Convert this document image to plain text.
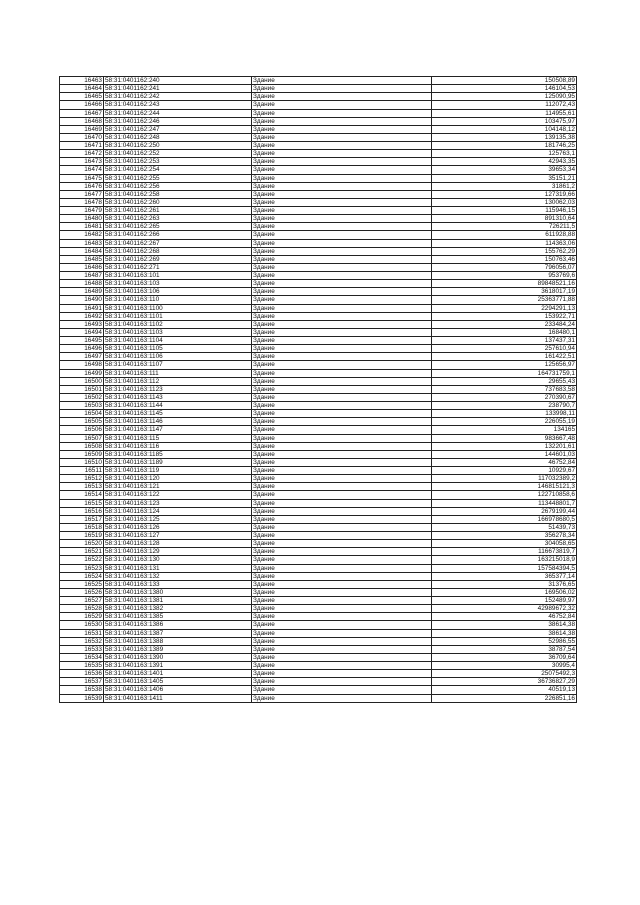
16463	58:31:0401162:240	Здание	150508,89
16464	58:31:0401162:241	Здание	146104,53
16465	58:31:0401162:242	Здание	125090,95
16466	58:31:0401162:243	Здание	112072,43
16467	58:31:0401162:244	Здание	114955,61
16468	58:31:0401162:246	Здание	103475,97
16469	58:31:0401162:247	Здание	104148,12
16470	58:31:0401162:248	Здание	139135,38
16471	58:31:0401162:250	Здание	181746,25
16472	58:31:0401162:252	Здание	125763,1
16473	58:31:0401162:253	Здание	42943,35
16474	58:31:0401162:254	Здание	39653,34
16475	58:31:0401162:255	Здание	35151,21
16476	58:31:0401162:256	Здание	31861,2
16477	58:31:0401162:258	Здание	127319,66
16478	58:31:0401162:260	Здание	130062,03
16479	58:31:0401162:261	Здание	115946,15
16480	58:31:0401162:263	Здание	891310,64
16481	58:31:0401162:265	Здание	726211,5
16482	58:31:0401162:266	Здание	611928,88
16483	58:31:0401162:267	Здание	114363,06
16484	58:31:0401162:268	Здание	155762,29
16485	58:31:0401162:269	Здание	150763,46
16486	58:31:0401162:271	Здание	796056,07
16487	58:31:0401163:101	Здание	953769,6
16488	58:31:0401163:103	Здание	89848521,16
16489	58:31:0401163:106	Здание	3618017,19
16490	58:31:0401163:110	Здание	25363771,88
16491	58:31:0401163:1100	Здание	2294291,13
16492	58:31:0401163:1101	Здание	153922,71
16493	58:31:0401163:1102	Здание	233484,24
16494	58:31:0401163:1103	Здание	168480,1
16495	58:31:0401163:1104	Здание	137437,31
16496	58:31:0401163:1105	Здание	257610,94
16497	58:31:0401163:1106	Здание	161422,51
16498	58:31:0401163:1107	Здание	125656,97
16499	58:31:0401163:111	Здание	164731759,1
16500	58:31:0401163:112	Здание	29655,43
16501	58:31:0401163:1123	Здание	737683,58
16502	58:31:0401163:1143	Здание	270390,67
16503	58:31:0401163:1144	Здание	238790,7
16504	58:31:0401163:1145	Здание	133998,11
16505	58:31:0401163:1146	Здание	226055,19
16506	58:31:0401163:1147	Здание	134165
16507	58:31:0401163:115	Здание	983667,48
16508	58:31:0401163:116	Здание	132201,61
16509	58:31:0401163:1185	Здание	144601,03
16510	58:31:0401163:1189	Здание	46752,84
16511	58:31:0401163:119	Здание	10929,67
16512	58:31:0401163:120	Здание	117032389,2
16513	58:31:0401163:121	Здание	146815121,3
16514	58:31:0401163:122	Здание	122710858,6
16515	58:31:0401163:123	Здание	113448801,7
16516	58:31:0401163:124	Здание	2679199,44
16517	58:31:0401163:125	Здание	166978680,5
16518	58:31:0401163:126	Здание	51439,73
16519	58:31:0401163:127	Здание	356278,34
16520	58:31:0401163:128	Здание	304058,65
16521	58:31:0401163:129	Здание	116673819,7
16522	58:31:0401163:130	Здание	163215018,9
16523	58:31:0401163:131	Здание	157584394,5
16524	58:31:0401163:132	Здание	365377,14
16525	58:31:0401163:133	Здание	31376,65
16526	58:31:0401163:1380	Здание	169506,02
16527	58:31:0401163:1381	Здание	152489,97
16528	58:31:0401163:1382	Здание	42989672,32
16529	58:31:0401163:1385	Здание	46752,84
16530	58:31:0401163:1386	Здание	38614,38
16531	58:31:0401163:1387	Здание	38614,38
16532	58:31:0401163:1388	Здание	52986,55
16533	58:31:0401163:1389	Здание	38787,54
16534	58:31:0401163:1390	Здание	36709,64
16535	58:31:0401163:1391	Здание	30995,4
16536	58:31:0401163:1401	Здание	25075492,3
16537	58:31:0401163:1405	Здание	36736827,29
16538	58:31:0401163:1406	Здание	40519,13
16539	58:31:0401163:1411	Здание	226851,16
